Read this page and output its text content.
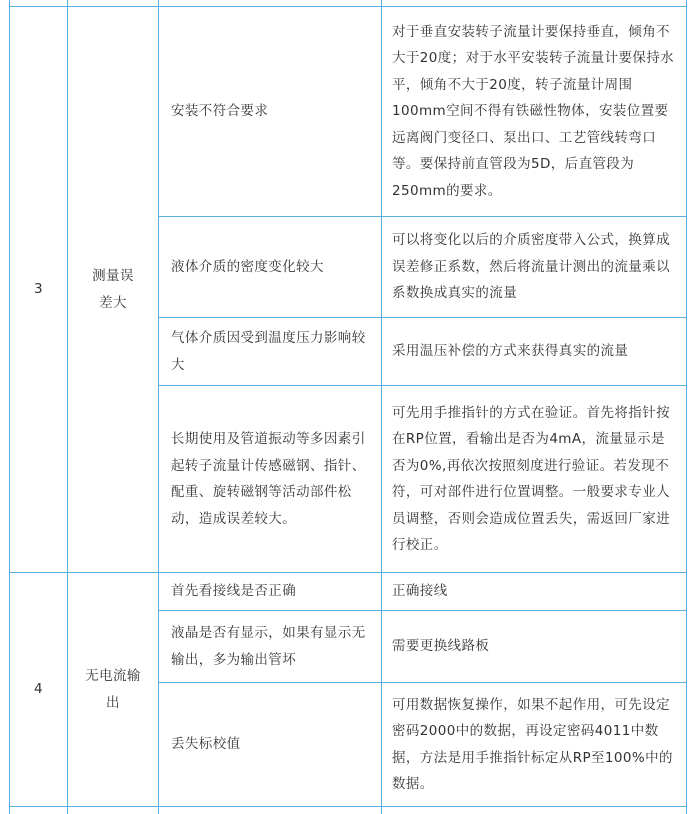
3
测量误差大
安装不符合要求
对于垂直安装转子流量计要保持垂直，倾角不大于20度；对于水平安装转子流量计要保持水平，倾角不大于20度，转子流量计周围100mm空间不得有铁磁性物体，安装位置要远离阀门变径口、泵出口、工艺管线转弯口等。要保持前直管段为5D，后直管段为250mm的要求。
液体介质的密度变化较大
可以将变化以后的介质密度带入公式，换算成误差修正系数，然后将流量计测出的流量乘以系数换成真实的流量
气体介质因受到温度压力影响较大
采用温压补偿的方式来获得真实的流量
长期使用及管道振动等多因素引起转子流量计传感磁钢、指针、配重、旋转磁钢等活动部件松动，造成误差较大。
可先用手推指针的方式在验证。首先将指针按在RP位置，看输出是否为4mA，流量显示是否为0%,再依次按照刻度进行验证。若发现不符，可对部件进行位置调整。一般要求专业人员调整，否则会造成位置丢失，需返回厂家进行校正。
4
无电流输出
首先看接线是否正确	正确接线
液晶是否有显示，如果有显示无输出，多为输出管坏
需要更换线路板
丢失标校值
可用数据恢复操作，如果不起作用，可先设定密码2000中的数据，再设定密码4011中数据，方法是用手推指针标定从RP至100%中的数据。
